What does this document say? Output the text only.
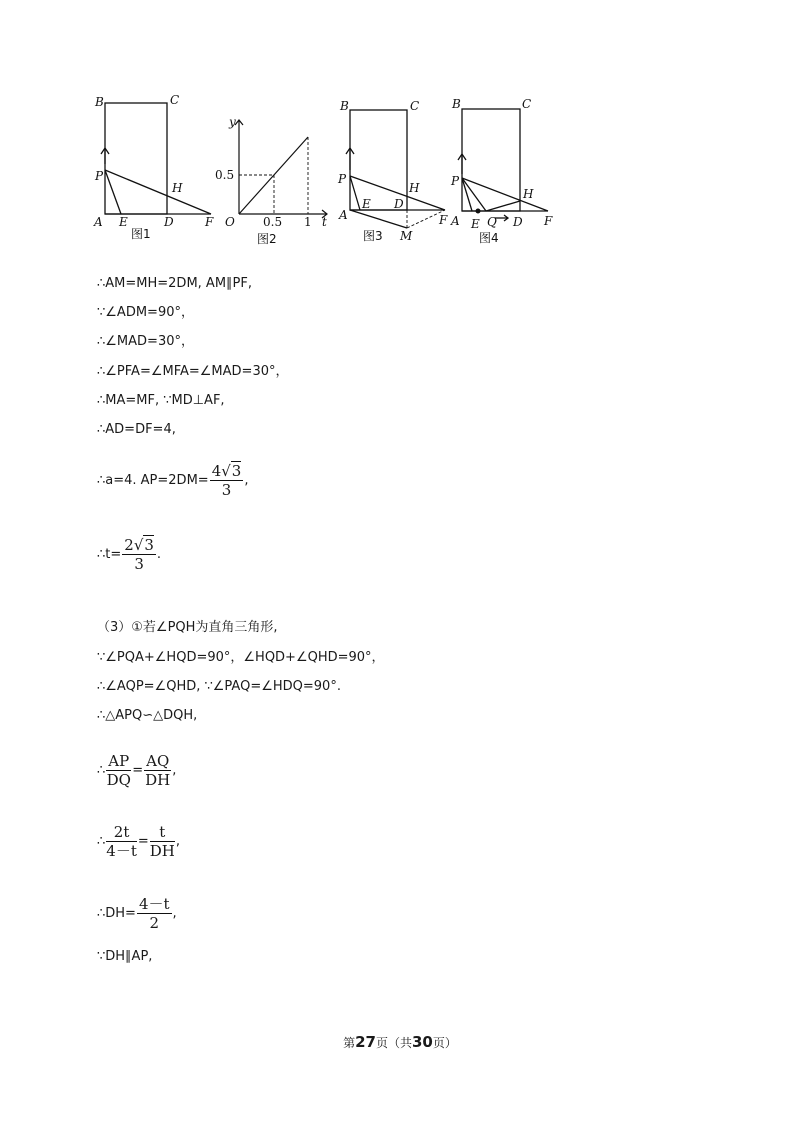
B	C
P
H
A E	D	F
图1
y
0.5
O 0.5 1 t
图2
B	C
P
H
A
E D
F
M
图3
B	C
P
H
A E Q D F
图4
∴AM=MH=2DM, AM∥PF,
∵∠ADM=90°，
∴∠MAD=30°，
∴∠PFA=∠MFA=∠MAD=30°，
∴MA=MF, ∵MD⊥AF,
∴AD=DF=4,
∴a=4. $AP=2DM= \frac{4√3}{3}$ ,
∴t= $\frac{2√3}{3}$ .
（3）①若∠PQH为直角三角形,
∵∠PQA+∠HQD=90°，∠HQD+∠QHD=90°，
∴∠AQP=∠QHD, ∵∠PAQ=∠HDQ=90°.
∴△APQ∽△DQH,
∴ $\frac{AP}{DQ} = \frac{AQ}{DH}$ ,
∴ $\frac{2t}{4-t} = \frac{t}{DH}$ ,
∴DH= $\frac{4-t}{2}$ ,
∵DH∥AP,
第27页（共30页）
